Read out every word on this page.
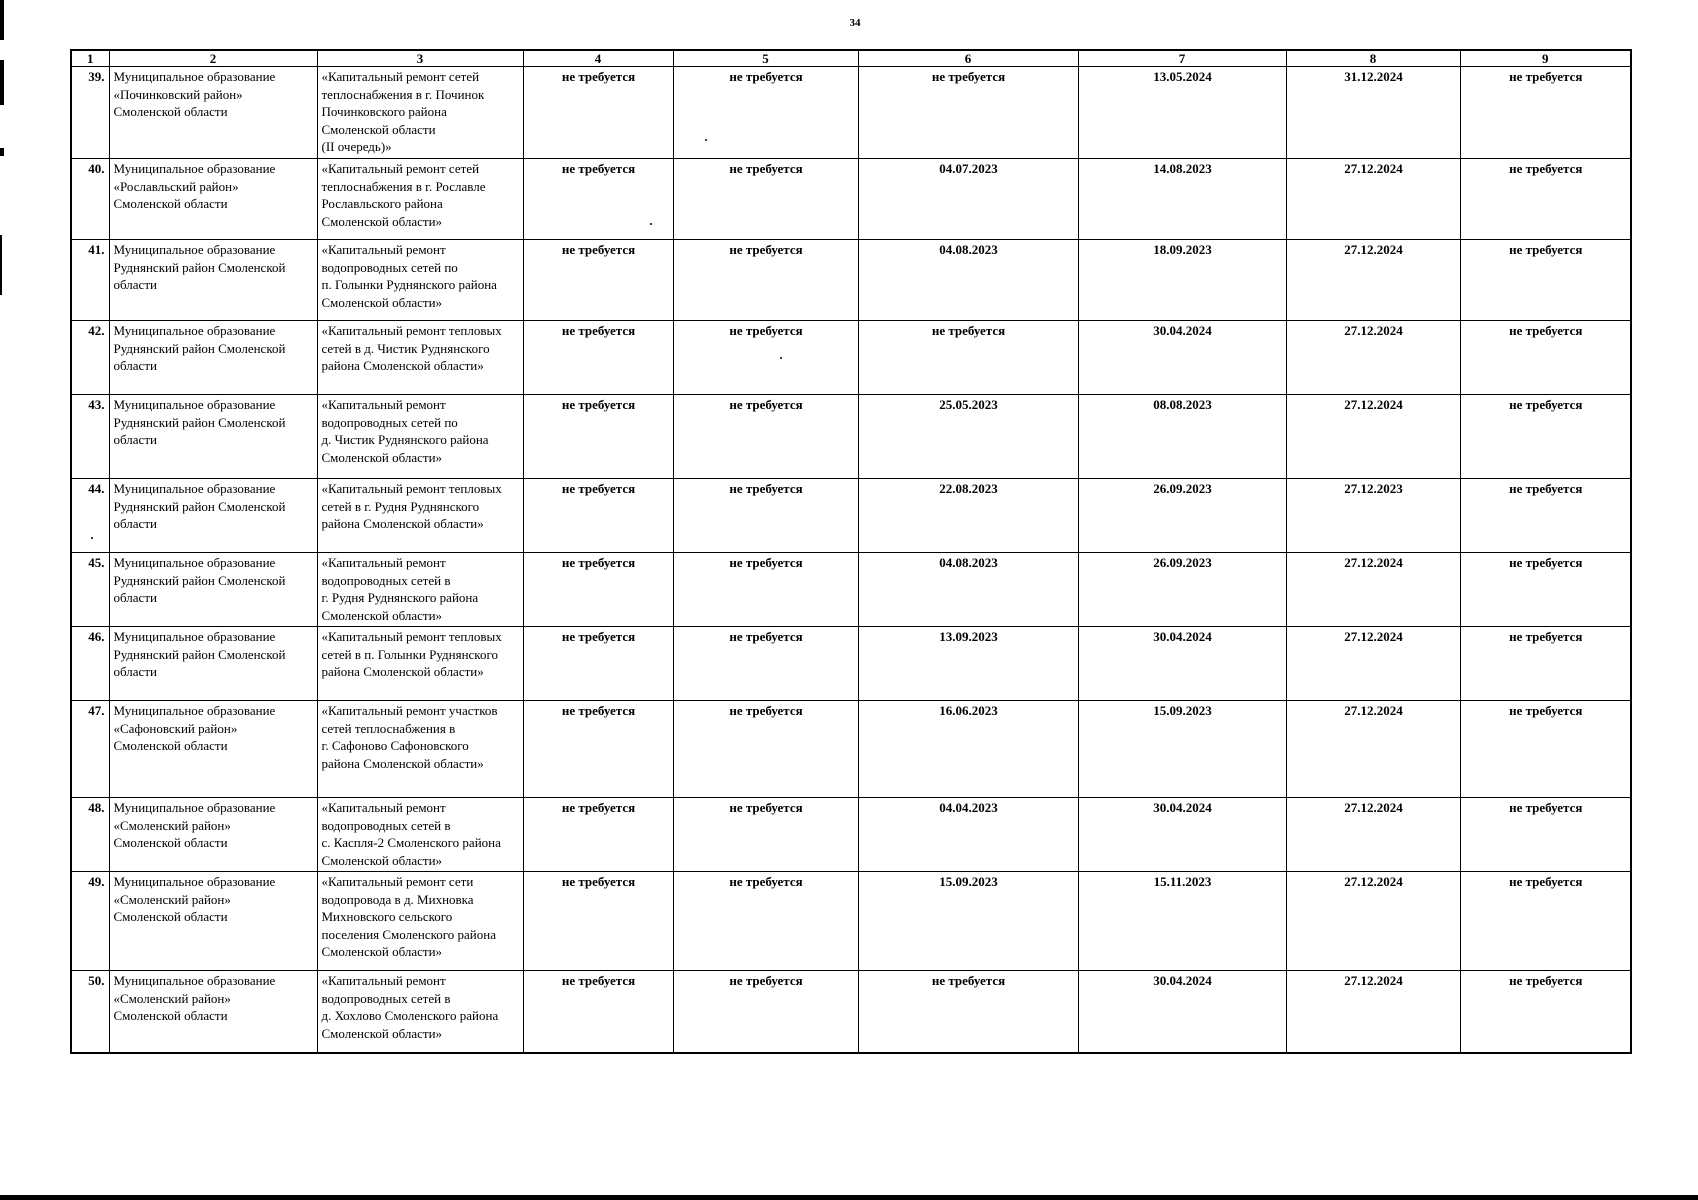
34
1	2	3	4	5	6	7	8	9
39.	Муниципальное образование
«Починковский район»
Смоленской области	«Капитальный ремонт сетей
теплоснабжения в г. Починок
Починковского района
Смоленской области
(II очередь)»	не требуется	не требуется	не требуется	13.05.2024	31.12.2024	не требуется
40.	Муниципальное образование
«Рославльский район»
Смоленской области	«Капитальный ремонт сетей
теплоснабжения в г. Рославле
Рославльского района
Смоленской области»	не требуется	не требуется	04.07.2023	14.08.2023	27.12.2024	не требуется
41.	Муниципальное образование
Руднянский район Смоленской
области	«Капитальный ремонт
водопроводных сетей по
п. Голынки Руднянского района
Смоленской области»	не требуется	не требуется	04.08.2023	18.09.2023	27.12.2024	не требуется
42.	Муниципальное образование
Руднянский район Смоленской
области	«Капитальный ремонт тепловых
сетей в д. Чистик Руднянского
района Смоленской области»	не требуется	не требуется	не требуется	30.04.2024	27.12.2024	не требуется
43.	Муниципальное образование
Руднянский район Смоленской
области	«Капитальный ремонт
водопроводных сетей по
д. Чистик Руднянского района
Смоленской области»	не требуется	не требуется	25.05.2023	08.08.2023	27.12.2024	не требуется
44.	Муниципальное образование
Руднянский район Смоленской
области	«Капитальный ремонт тепловых
сетей в г. Рудня Руднянского
района Смоленской области»	не требуется	не требуется	22.08.2023	26.09.2023	27.12.2023	не требуется
45.	Муниципальное образование
Руднянский район Смоленской
области	«Капитальный ремонт
водопроводных сетей в
г. Рудня Руднянского района
Смоленской области»	не требуется	не требуется	04.08.2023	26.09.2023	27.12.2024	не требуется
46.	Муниципальное образование
Руднянский район Смоленской
области	«Капитальный ремонт тепловых
сетей в п. Голынки Руднянского
района Смоленской области»	не требуется	не требуется	13.09.2023	30.04.2024	27.12.2024	не требуется
47.	Муниципальное образование
«Сафоновский район»
Смоленской области	«Капитальный ремонт участков
сетей теплоснабжения в
г. Сафоново Сафоновского
района Смоленской области»	не требуется	не требуется	16.06.2023	15.09.2023	27.12.2024	не требуется
48.	Муниципальное образование
«Смоленский район»
Смоленской области	«Капитальный ремонт
водопроводных сетей в
с. Каспля-2 Смоленского района
Смоленской области»	не требуется	не требуется	04.04.2023	30.04.2024	27.12.2024	не требуется
49.	Муниципальное образование
«Смоленский район»
Смоленской области	«Капитальный ремонт сети
водопровода в д. Михновка
Михновского сельского
поселения Смоленского района
Смоленской области»	не требуется	не требуется	15.09.2023	15.11.2023	27.12.2024	не требуется
50.	Муниципальное образование
«Смоленский район»
Смоленской области	«Капитальный ремонт
водопроводных сетей в
д. Хохлово Смоленского района
Смоленской области»	не требуется	не требуется	не требуется	30.04.2024	27.12.2024	не требуется
